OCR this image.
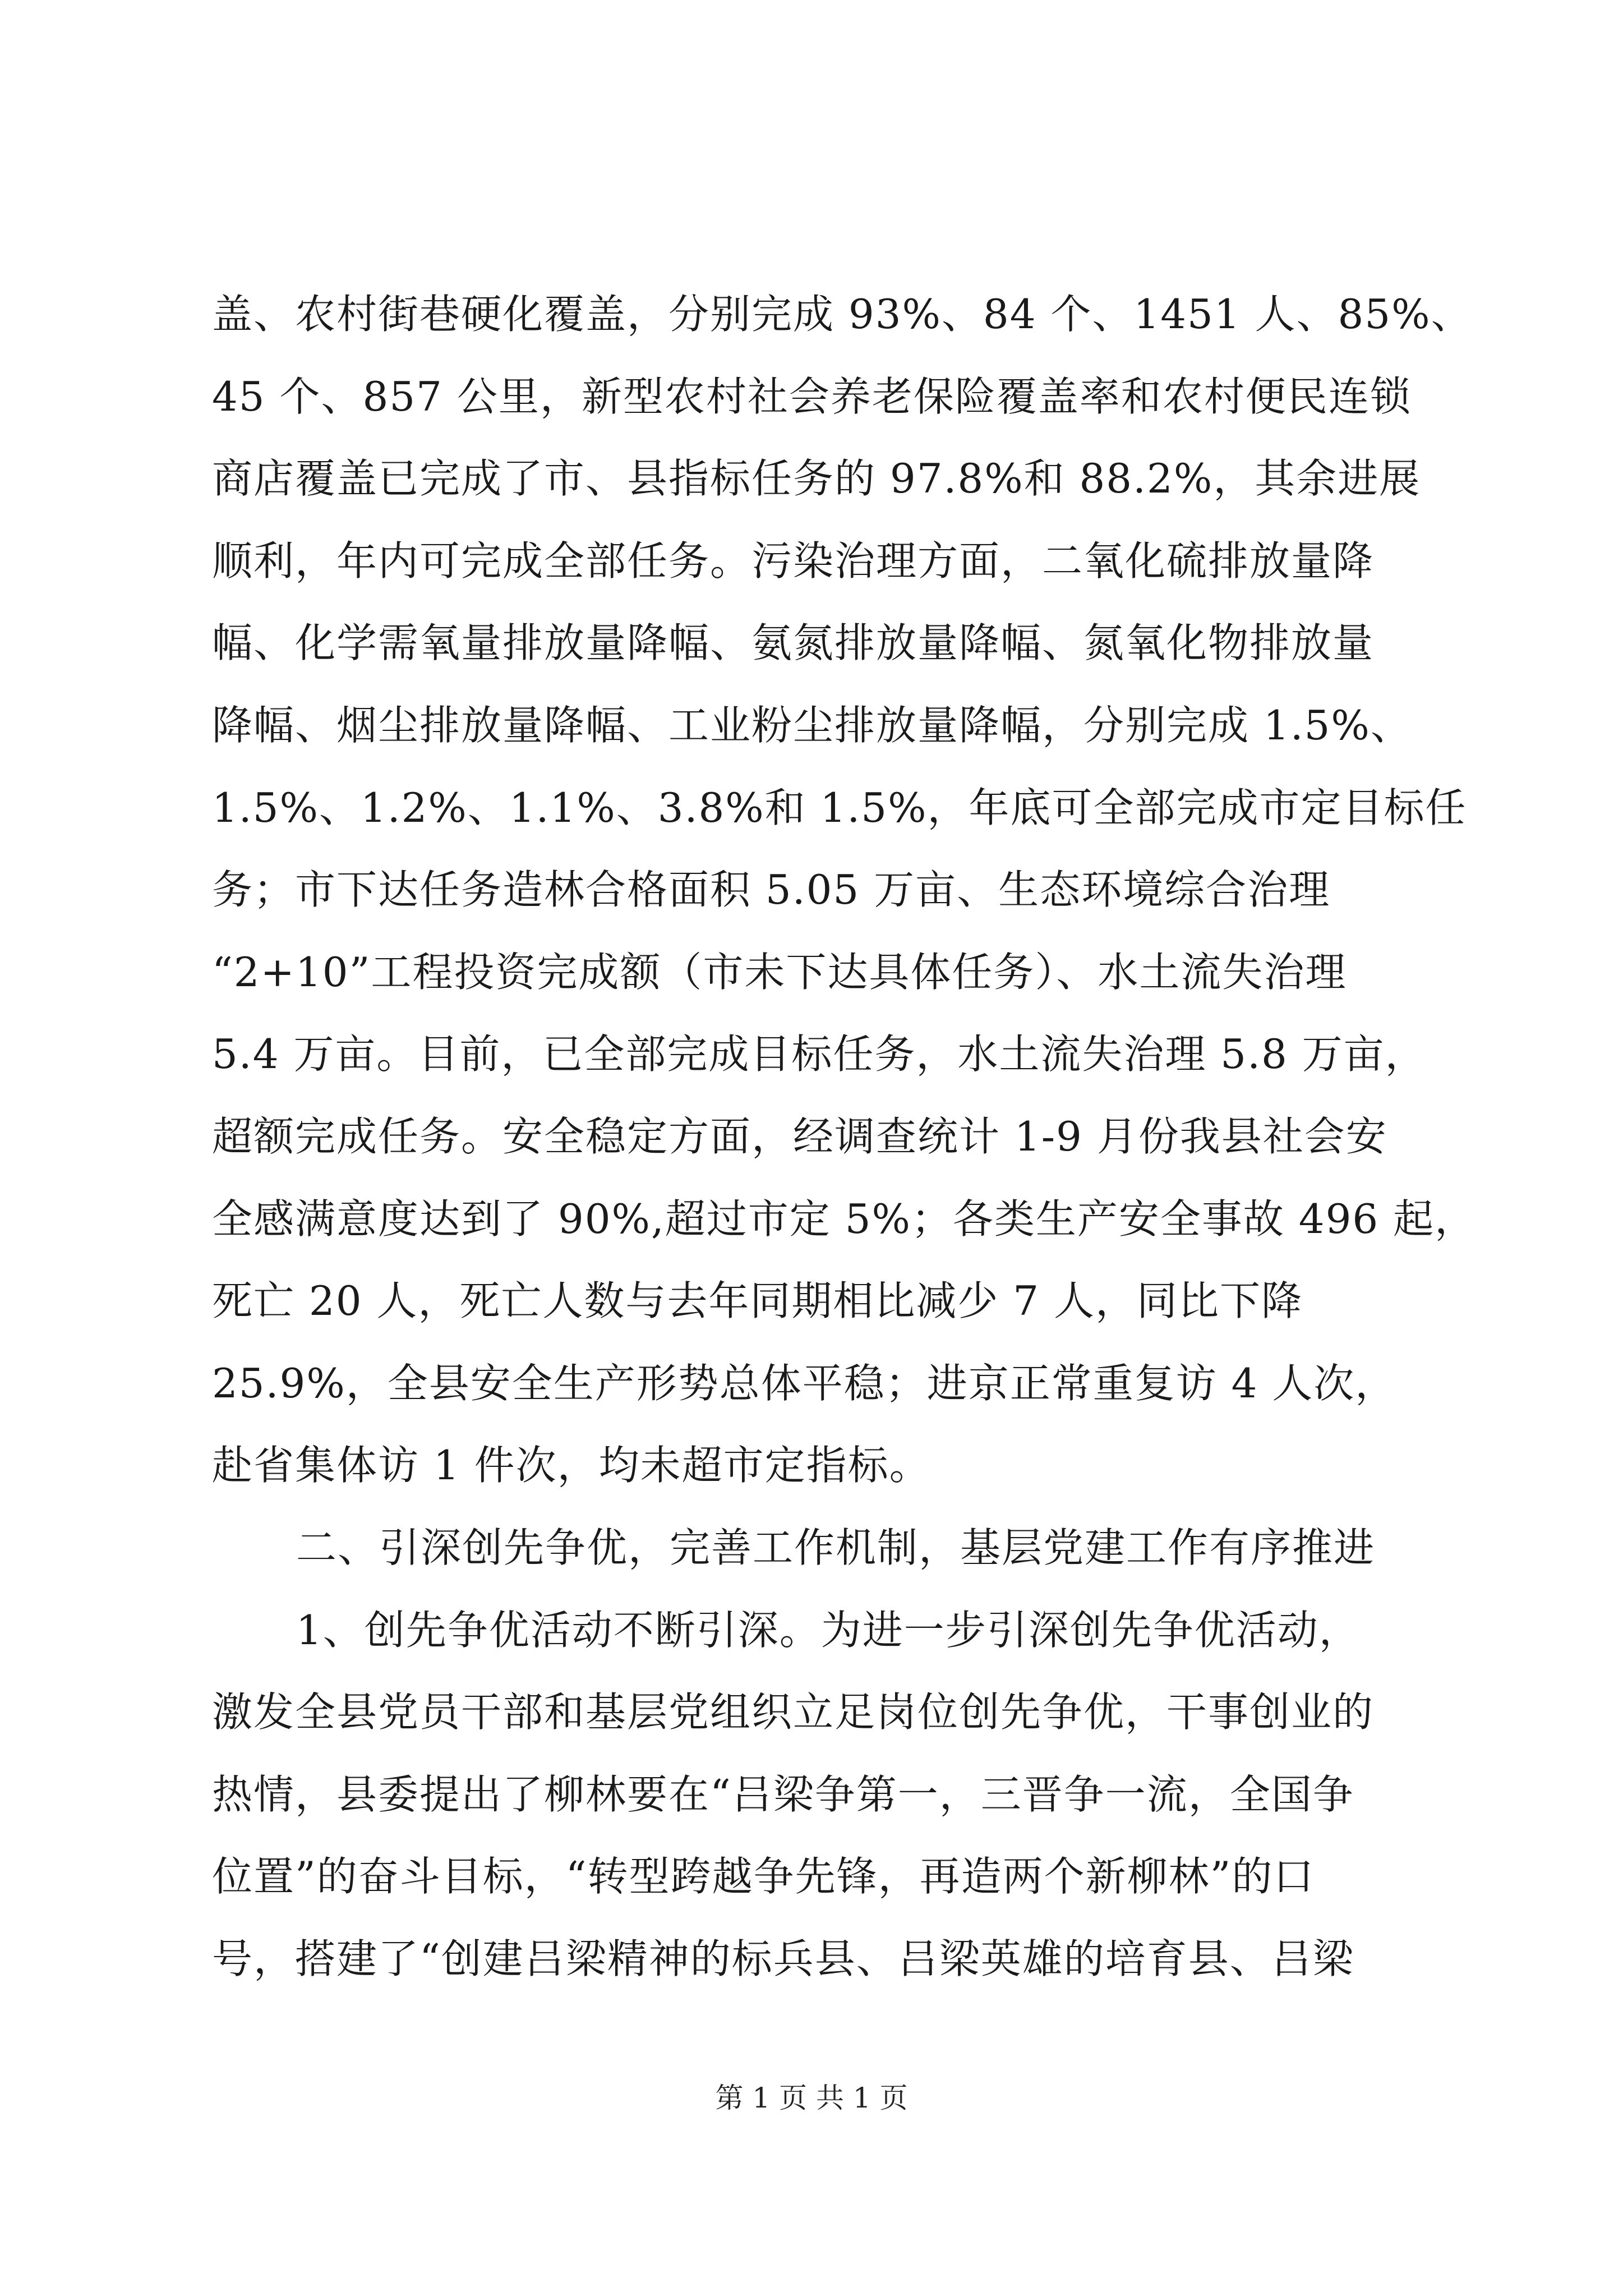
盖、农村街巷硬化覆盖，分别完成 93%、84 个、1451 人、85%、
45 个、857 公里，新型农村社会养老保险覆盖率和农村便民连锁
商店覆盖已完成了市、县指标任务的 97.8%和 88.2%，其余进展
顺利，年内可完成全部任务。污染治理方面，二氧化硫排放量降
幅、化学需氧量排放量降幅、氨氮排放量降幅、氮氧化物排放量
降幅、烟尘排放量降幅、工业粉尘排放量降幅，分别完成 1.5%、
1.5%、1.2%、1.1%、3.8%和 1.5%，年底可全部完成市定目标任
务；市下达任务造林合格面积 5.05 万亩、生态环境综合治理
“2+10”工程投资完成额（市未下达具体任务）、水土流失治理
5.4 万亩。目前，已全部完成目标任务，水土流失治理 5.8 万亩，
超额完成任务。安全稳定方面，经调查统计 1-9 月份我县社会安
全感满意度达到了 90%,超过市定 5%；各类生产安全事故 496 起，
死亡 20 人，死亡人数与去年同期相比减少 7 人，同比下降
25.9%，全县安全生产形势总体平稳；进京正常重复访 4 人次，
赴省集体访 1 件次，均未超市定指标。
二、引深创先争优，完善工作机制，基层党建工作有序推进
1、创先争优活动不断引深。为进一步引深创先争优活动，
激发全县党员干部和基层党组织立足岗位创先争优，干事创业的
热情，县委提出了柳林要在“吕梁争第一，三晋争一流，全国争
位置”的奋斗目标，“转型跨越争先锋，再造两个新柳林”的口
号，搭建了“创建吕梁精神的标兵县、吕梁英雄的培育县、吕梁
第 1 页 共 1 页
